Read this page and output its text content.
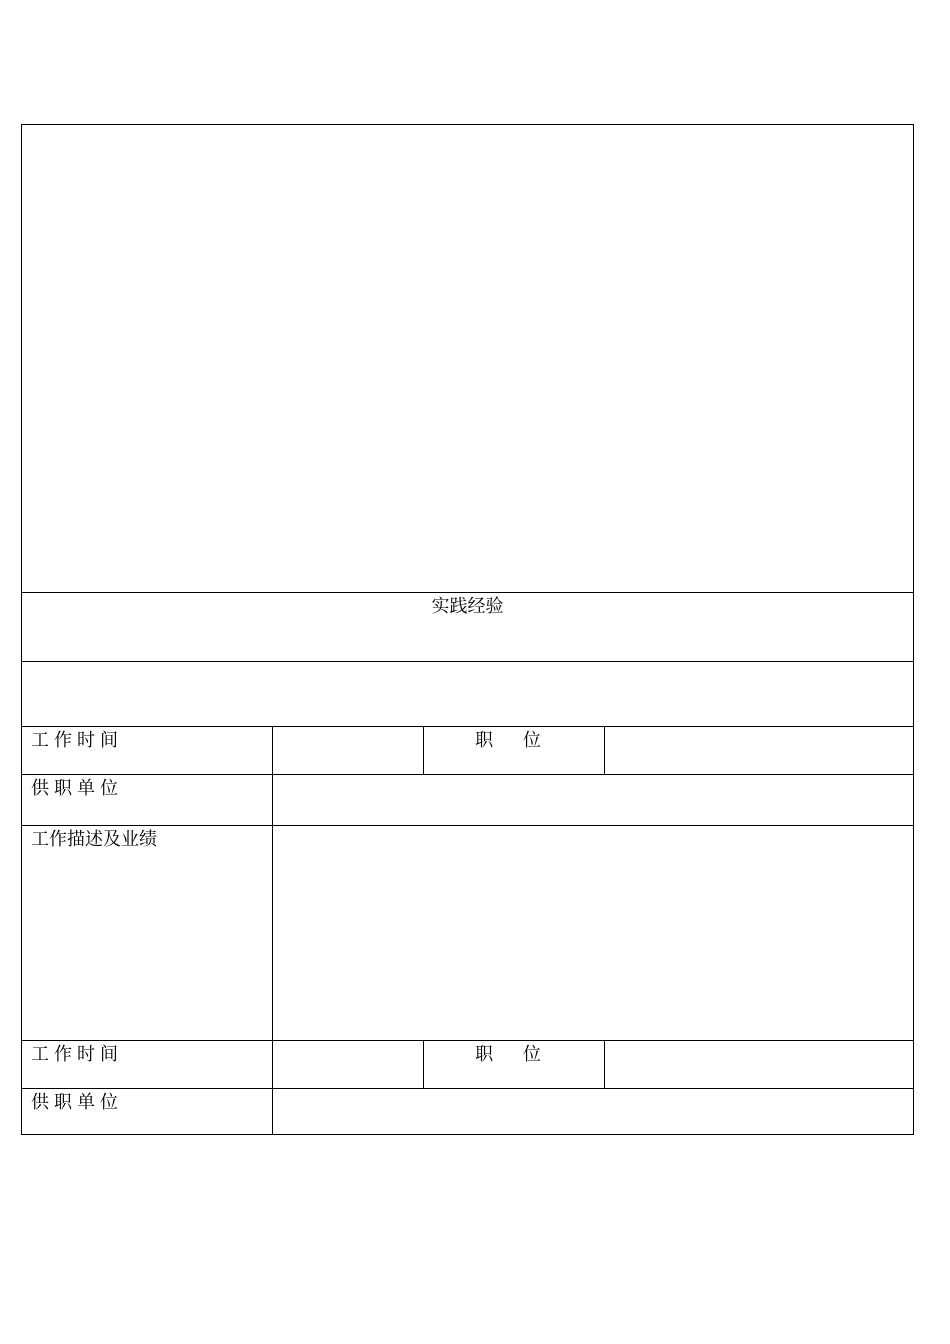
实践经验			

工作时间		职 位	
供职单位			
工作描述及业绩			
工作时间		职 位	
供职单位			
